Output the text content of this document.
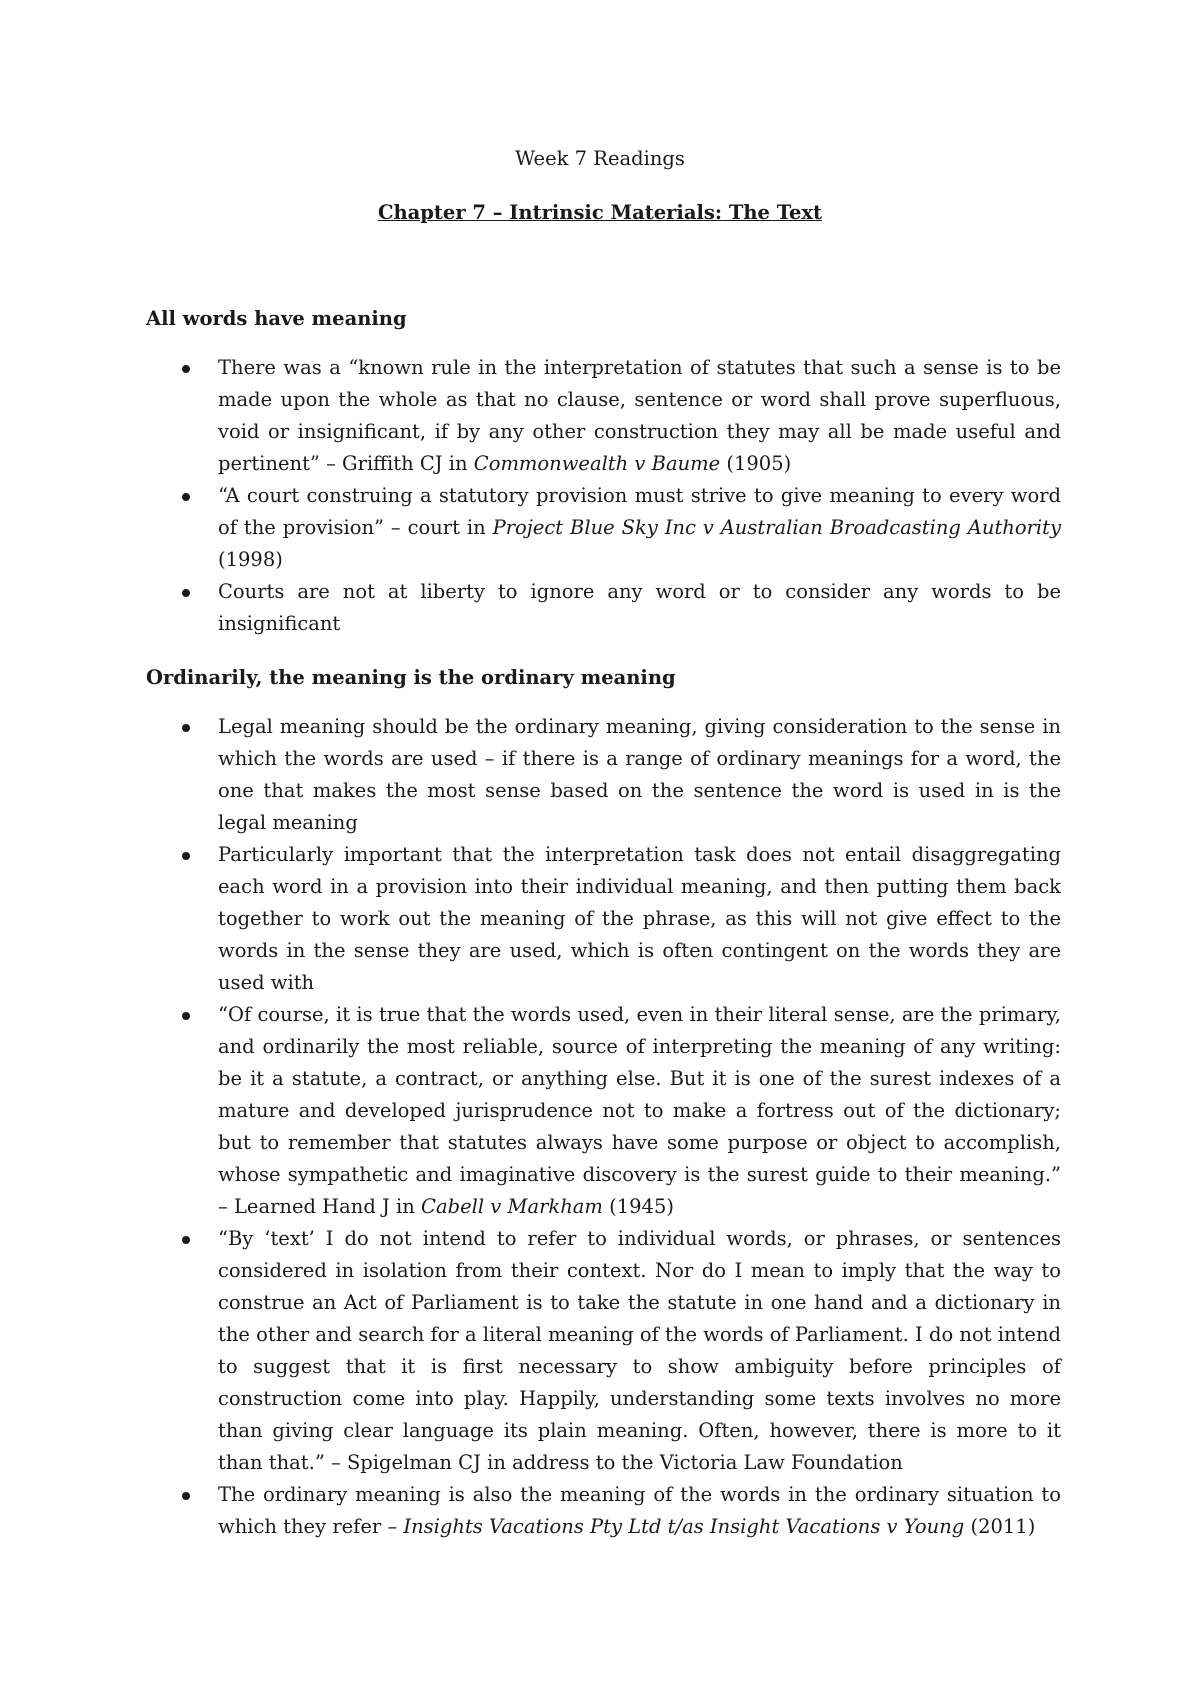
Week 7 Readings
Chapter 7 – Intrinsic Materials: The Text
All words have meaning
There was a “known rule in the interpretation of statutes that such a sense is to be made upon the whole as that no clause, sentence or word shall prove superfluous, void or insignificant, if by any other construction they may all be made useful and pertinent” – Griffith CJ in Commonwealth v Baume (1905)
“A court construing a statutory provision must strive to give meaning to every word of the provision” – court in Project Blue Sky Inc v Australian Broadcasting Authority (1998)
Courts are not at liberty to ignore any word or to consider any words to be insignificant
Ordinarily, the meaning is the ordinary meaning
Legal meaning should be the ordinary meaning, giving consideration to the sense in which the words are used – if there is a range of ordinary meanings for a word, the one that makes the most sense based on the sentence the word is used in is the legal meaning
Particularly important that the interpretation task does not entail disaggregating each word in a provision into their individual meaning, and then putting them back together to work out the meaning of the phrase, as this will not give effect to the words in the sense they are used, which is often contingent on the words they are used with
“Of course, it is true that the words used, even in their literal sense, are the primary, and ordinarily the most reliable, source of interpreting the meaning of any writing: be it a statute, a contract, or anything else. But it is one of the surest indexes of a mature and developed jurisprudence not to make a fortress out of the dictionary; but to remember that statutes always have some purpose or object to accomplish, whose sympathetic and imaginative discovery is the surest guide to their meaning.” – Learned Hand J in Cabell v Markham (1945)
“By ‘text’ I do not intend to refer to individual words, or phrases, or sentences considered in isolation from their context. Nor do I mean to imply that the way to construe an Act of Parliament is to take the statute in one hand and a dictionary in the other and search for a literal meaning of the words of Parliament. I do not intend to suggest that it is first necessary to show ambiguity before principles of construction come into play. Happily, understanding some texts involves no more than giving clear language its plain meaning. Often, however, there is more to it than that.” – Spigelman CJ in address to the Victoria Law Foundation
The ordinary meaning is also the meaning of the words in the ordinary situation to which they refer – Insights Vacations Pty Ltd t/as Insight Vacations v Young (2011)
